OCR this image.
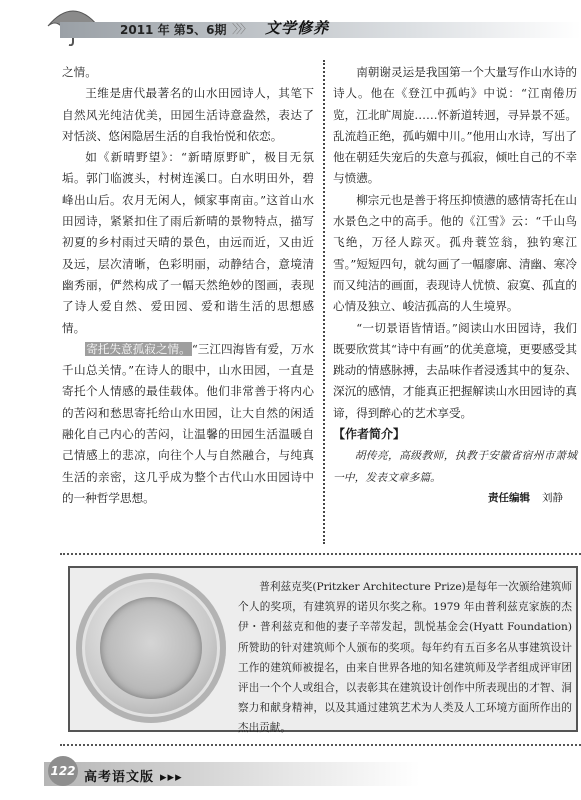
2011 年 第5、6期 〉〉〉 文学修养

之情。

王维是唐代最著名的山水田园诗人，其笔下自然风光纯洁优美，田园生活诗意盎然，表达了对恬淡、悠闲隐居生活的自我怡悦和依恋。

如《新晴野望》：“新晴原野旷，极目无氛垢。郭门临渡头，村树连溪口。白水明田外，碧峰出山后。农月无闲人，倾家事南亩。”这首山水田园诗，紧紧扣住了雨后新晴的景物特点，描写初夏的乡村雨过天晴的景色，由远而近，又由近及远，层次清晰，色彩明丽，动静结合，意境清幽秀丽，俨然构成了一幅天然绝妙的图画，表现了诗人爱自然、爱田园、爱和谐生活的思想感情。

寄托失意孤寂之情。“三江四海皆有爱，万水千山总关情。”在诗人的眼中，山水田园，一直是寄托个人情感的最佳载体。他们非常善于将内心的苦闷和愁思寄托给山水田园，让大自然的闲适融化自己内心的苦闷，让温馨的田园生活温暖自己情感上的悲凉，向往个人与自然融合，与纯真生活的亲密，这几乎成为整个古代山水田园诗中的一种哲学思想。

南朝谢灵运是我国第一个大量写作山水诗的诗人。他在《登江中孤屿》中说：“江南倦历览，江北旷周旋……怀新道转迥，寻异景不延。乱流趋正绝，孤屿媚中川。”他用山水诗，写出了他在朝廷失宠后的失意与孤寂，倾吐自己的不幸与愤懑。

柳宗元也是善于将压抑愤懑的感情寄托在山水景色之中的高手。他的《江雪》云：“千山鸟飞绝，万径人踪灭。孤舟蓑笠翁，独钓寒江雪。”短短四句，就勾画了一幅廖廓、清幽、寒冷而又纯洁的画面，表现诗人忧愤、寂寞、孤直的心情及独立、峻洁孤高的人生境界。

“一切景语皆情语。”阅读山水田园诗，我们既要欣赏其“诗中有画”的优美意境，更要感受其跳动的情感脉搏，去品味作者浸透其中的复杂、深沉的感情，才能真正把握解读山水田园诗的真谛，得到醉心的艺术享受。

【作者简介】

胡传亮，高级教师，执教于安徽省宿州市萧城一中，发表文章多篇。

责任编辑 刘静

普利兹克奖(Pritzker Architecture Prize)是每年一次颁给建筑师个人的奖项，有建筑界的诺贝尔奖之称。1979 年由普利兹克家族的杰伊・普利兹克和他的妻子辛蒂发起，凯悦基金会(Hyatt Foundation)所赞助的针对建筑师个人颁布的奖项。每年约有五百多名从事建筑设计工作的建筑师被提名，由来自世界各地的知名建筑师及学者组成评审团评出一个个人或组合，以表彰其在建筑设计创作中所表现出的才智、洞察力和献身精神，以及其通过建筑艺术为人类及人工环境方面所作出的杰出贡献。

122 高考语文版 ▸▸▸
